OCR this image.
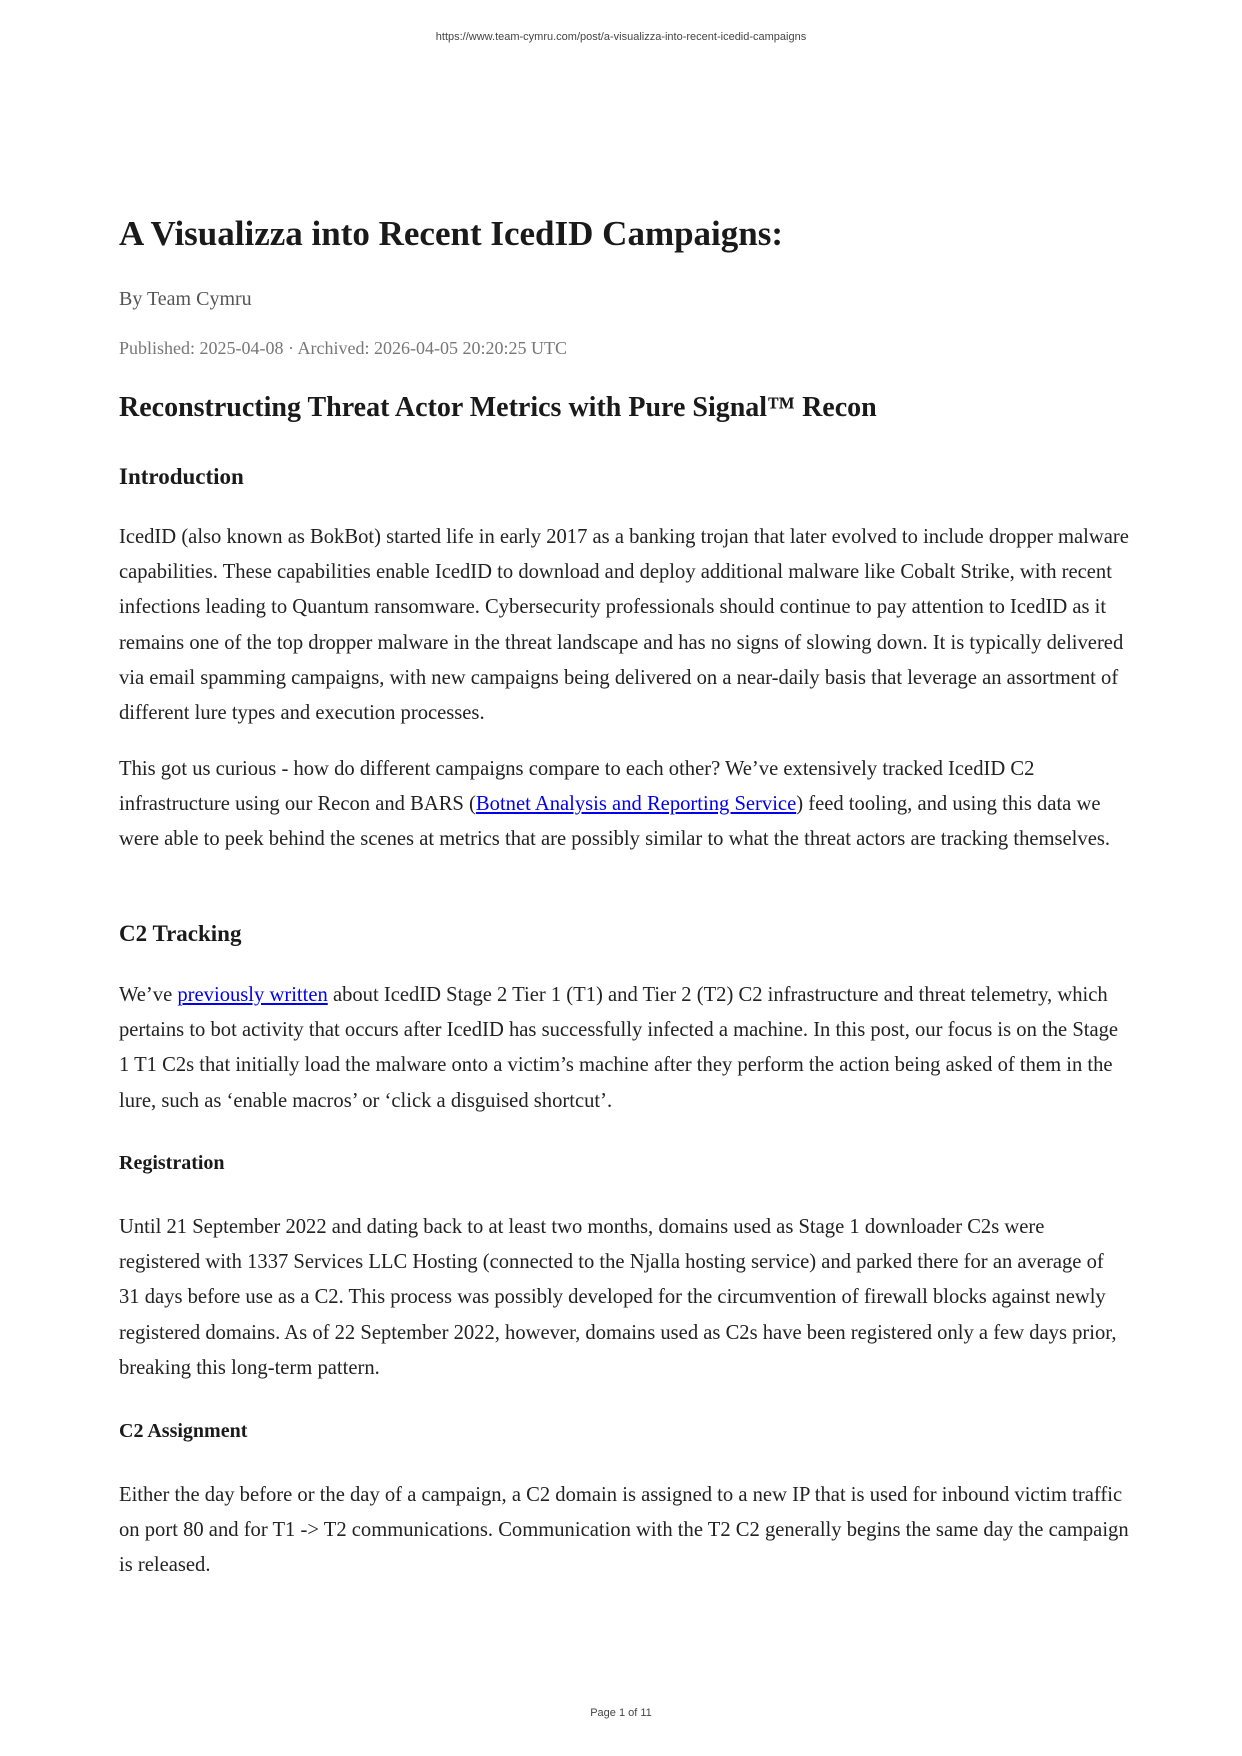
https://www.team-cymru.com/post/a-visualizza-into-recent-icedid-campaigns
A Visualizza into Recent IcedID Campaigns:
By Team Cymru
Published: 2025-04-08 · Archived: 2026-04-05 20:20:25 UTC
Reconstructing Threat Actor Metrics with Pure Signal™ Recon
Introduction

IcedID (also known as BokBot) started life in early 2017 as a banking trojan that later evolved to include dropper malware capabilities. These capabilities enable IcedID to download and deploy additional malware like Cobalt Strike, with recent infections leading to Quantum ransomware. Cybersecurity professionals should continue to pay attention to IcedID as it remains one of the top dropper malware in the threat landscape and has no signs of slowing down. It is typically delivered via email spamming campaigns, with new campaigns being delivered on a near-daily basis that leverage an assortment of different lure types and execution processes.

This got us curious - how do different campaigns compare to each other? We’ve extensively tracked IcedID C2 infrastructure using our Recon and BARS (Botnet Analysis and Reporting Service) feed tooling, and using this data we were able to peek behind the scenes at metrics that are possibly similar to what the threat actors are tracking themselves.

C2 Tracking

We’ve previously written about IcedID Stage 2 Tier 1 (T1) and Tier 2 (T2) C2 infrastructure and threat telemetry, which pertains to bot activity that occurs after IcedID has successfully infected a machine. In this post, our focus is on the Stage 1 T1 C2s that initially load the malware onto a victim’s machine after they perform the action being asked of them in the lure, such as ‘enable macros’ or ‘click a disguised shortcut’.

Registration

Until 21 September 2022 and dating back to at least two months, domains used as Stage 1 downloader C2s were registered with 1337 Services LLC Hosting (connected to the Njalla hosting service) and parked there for an average of 31 days before use as a C2. This process was possibly developed for the circumvention of firewall blocks against newly registered domains. As of 22 September 2022, however, domains used as C2s have been registered only a few days prior, breaking this long-term pattern.

C2 Assignment

Either the day before or the day of a campaign, a C2 domain is assigned to a new IP that is used for inbound victim traffic on port 80 and for T1 -> T2 communications. Communication with the T2 C2 generally begins the same day the campaign is released.

Page 1 of 11
